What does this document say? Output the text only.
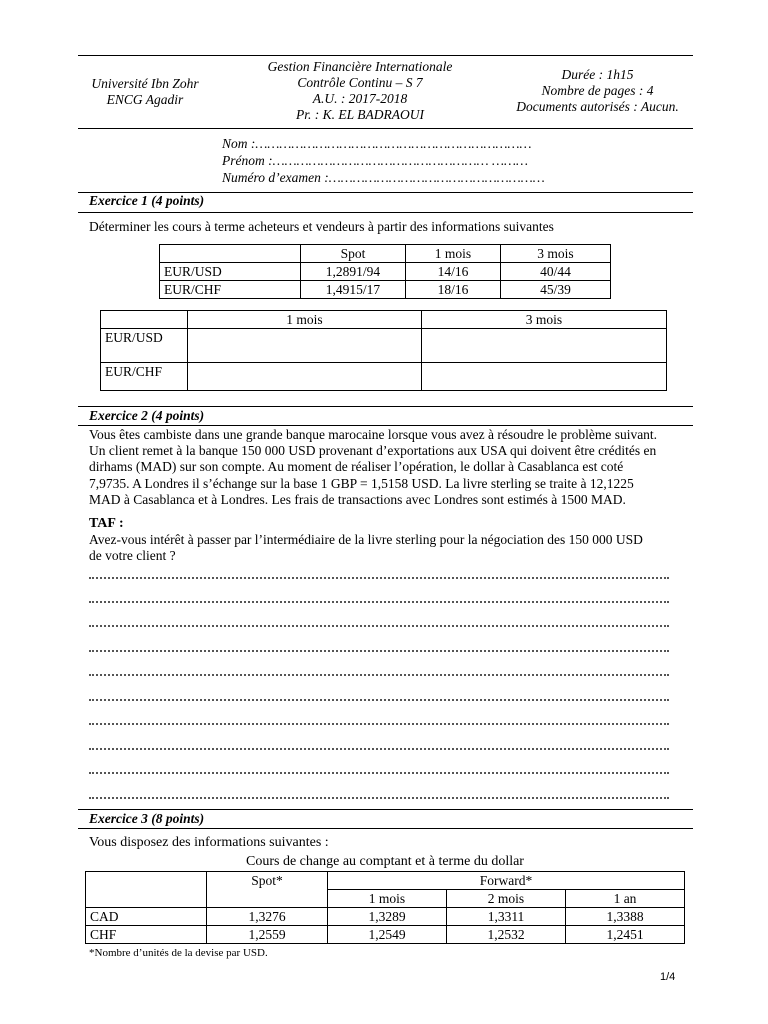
Université Ibn Zohr
ENCG Agadir
Gestion Financière Internationale
Contrôle Continu – S 7
A.U. : 2017-2018
Pr. : K. EL BADRAOUI
Durée : 1h15
Nombre de pages : 4
Documents autorisés : Aucun.
Nom :……………………………………………………………
Prénom :……………………………………………… ………
Numéro d’examen :………………………………………………
Exercice 1 (4 points)
Déterminer les cours à terme acheteurs et vendeurs à partir des informations suivantes
	Spot	1 mois	3 mois
EUR/USD	1,2891/94	14/16	40/44
EUR/CHF	1,4915/17	18/16	45/39
	1 mois	3 mois
EUR/USD		
EUR/CHF		
Exercice 2 (4 points)
Vous êtes cambiste dans une grande banque marocaine lorsque vous avez à résoudre le problème suivant.
Un client remet à la banque 150 000 USD provenant d’exportations aux USA qui doivent être crédités en
dirhams (MAD) sur son compte. Au moment de réaliser l’opération, le dollar à Casablanca est coté
7,9735. A Londres il s’échange sur la base 1 GBP = 1,5158 USD. La livre sterling se traite à 12,1225
MAD à Casablanca et à Londres. Les frais de transactions avec Londres sont estimés à 1500 MAD.
TAF :
Avez-vous intérêt à passer par l’intermédiaire de la livre sterling pour la négociation des 150 000 USD
de votre client ?
Exercice 3 (8 points)
Vous disposez des informations suivantes :
Cours de change au comptant et à terme du dollar
	Spot*	Forward*		
		1 mois	2 mois	1 an
CAD	1,3276	1,3289	1,3311	1,3388
CHF	1,2559	1,2549	1,2532	1,2451
*Nombre d’unités de la devise par USD.
1/4
